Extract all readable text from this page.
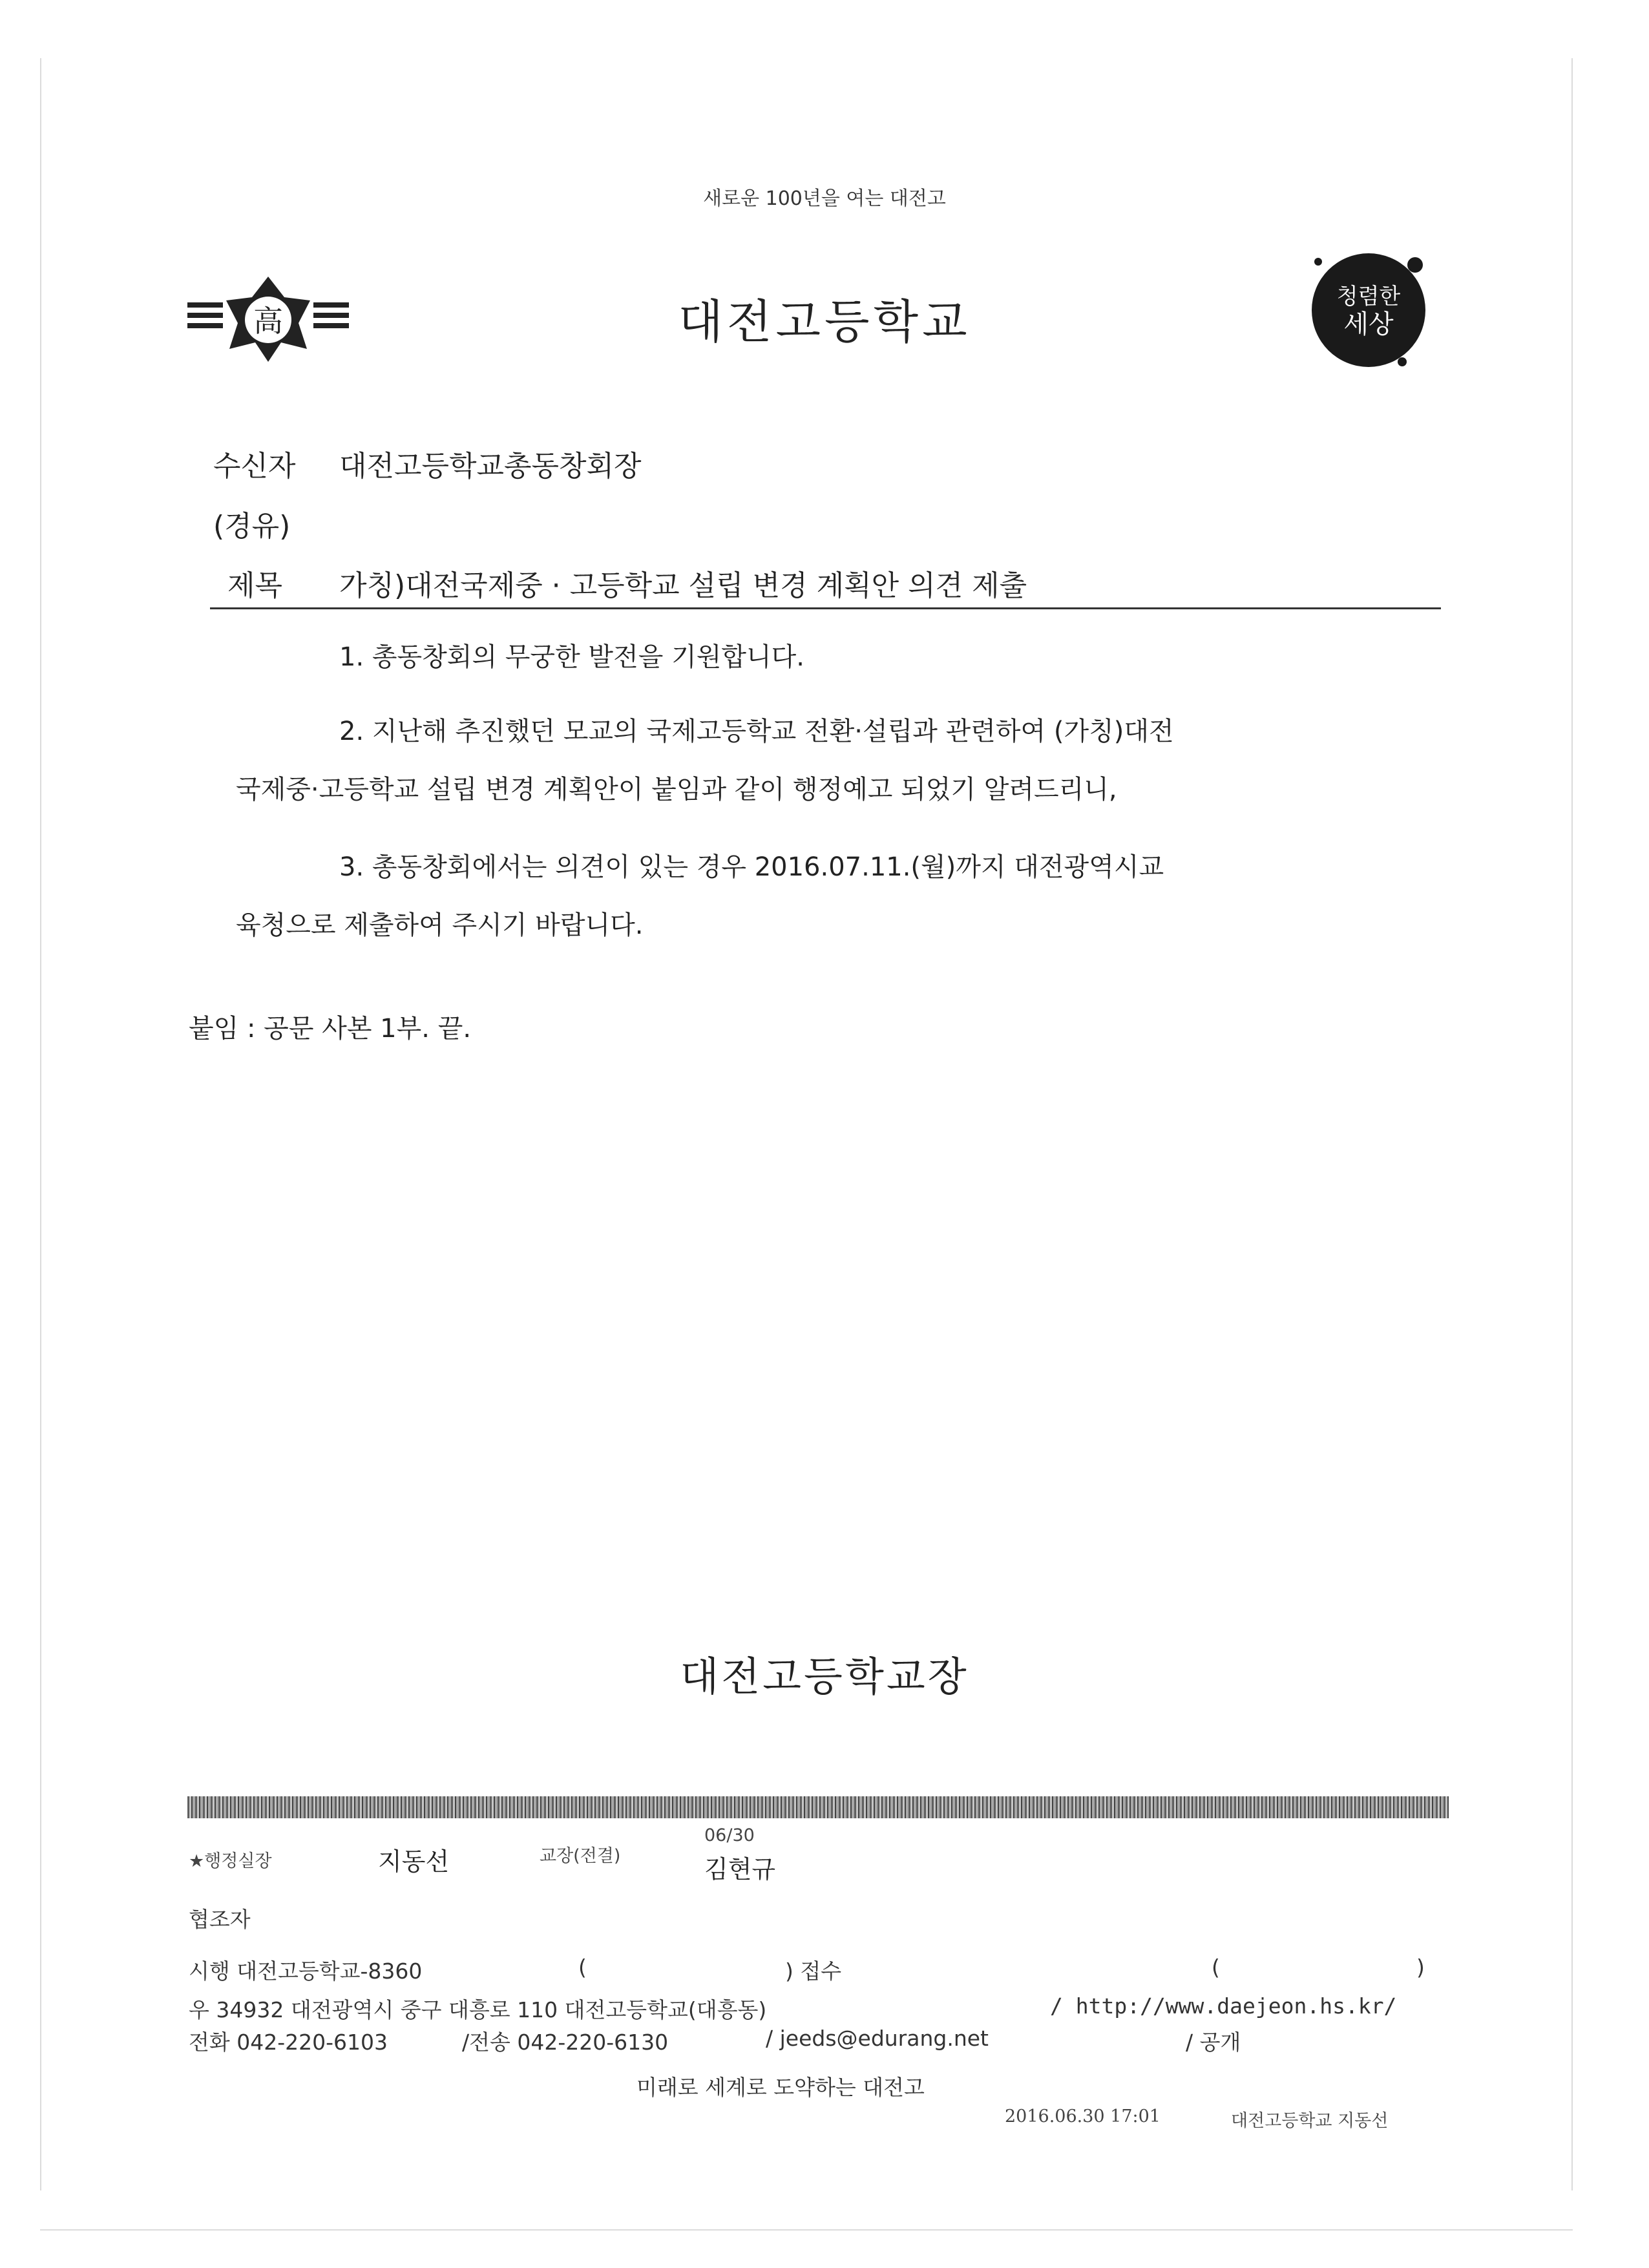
새로운 100년을 여는 대전고
高	대전고등학교	청렴한
세상
수신자 대전고등학교총동창회장
(경유)
제목 가칭)대전국제중 · 고등학교 설립 변경 계획안 의견 제출
1. 총동창회의 무궁한 발전을 기원합니다.
2. 지난해 추진했던 모교의 국제고등학교 전환·설립과 관련하여 (가칭)대전
국제중·고등학교 설립 변경 계획안이 붙임과 같이 행정예고 되었기 알려드리니,
3. 총동창회에서는 의견이 있는 경우 2016.07.11.(월)까지 대전광역시교
육청으로 제출하여 주시기 바랍니다.
붙임 : 공문 사본 1부. 끝.
대전고등학교장
★행정실장	지동선	교장(전결)
06/30
김현규
협조자
시행 대전고등학교-8360	(	) 접수	(	)
우 34932 대전광역시 중구 대흥로 110 대전고등학교(대흥동)	/ http://www.daejeon.hs.kr/
전화 042-220-6103	/전송 042-220-6130	/ jeeds@edurang.net	/ 공개
미래로 세계로 도약하는 대전고
2016.06.30 17:01	대전고등학교 지동선
